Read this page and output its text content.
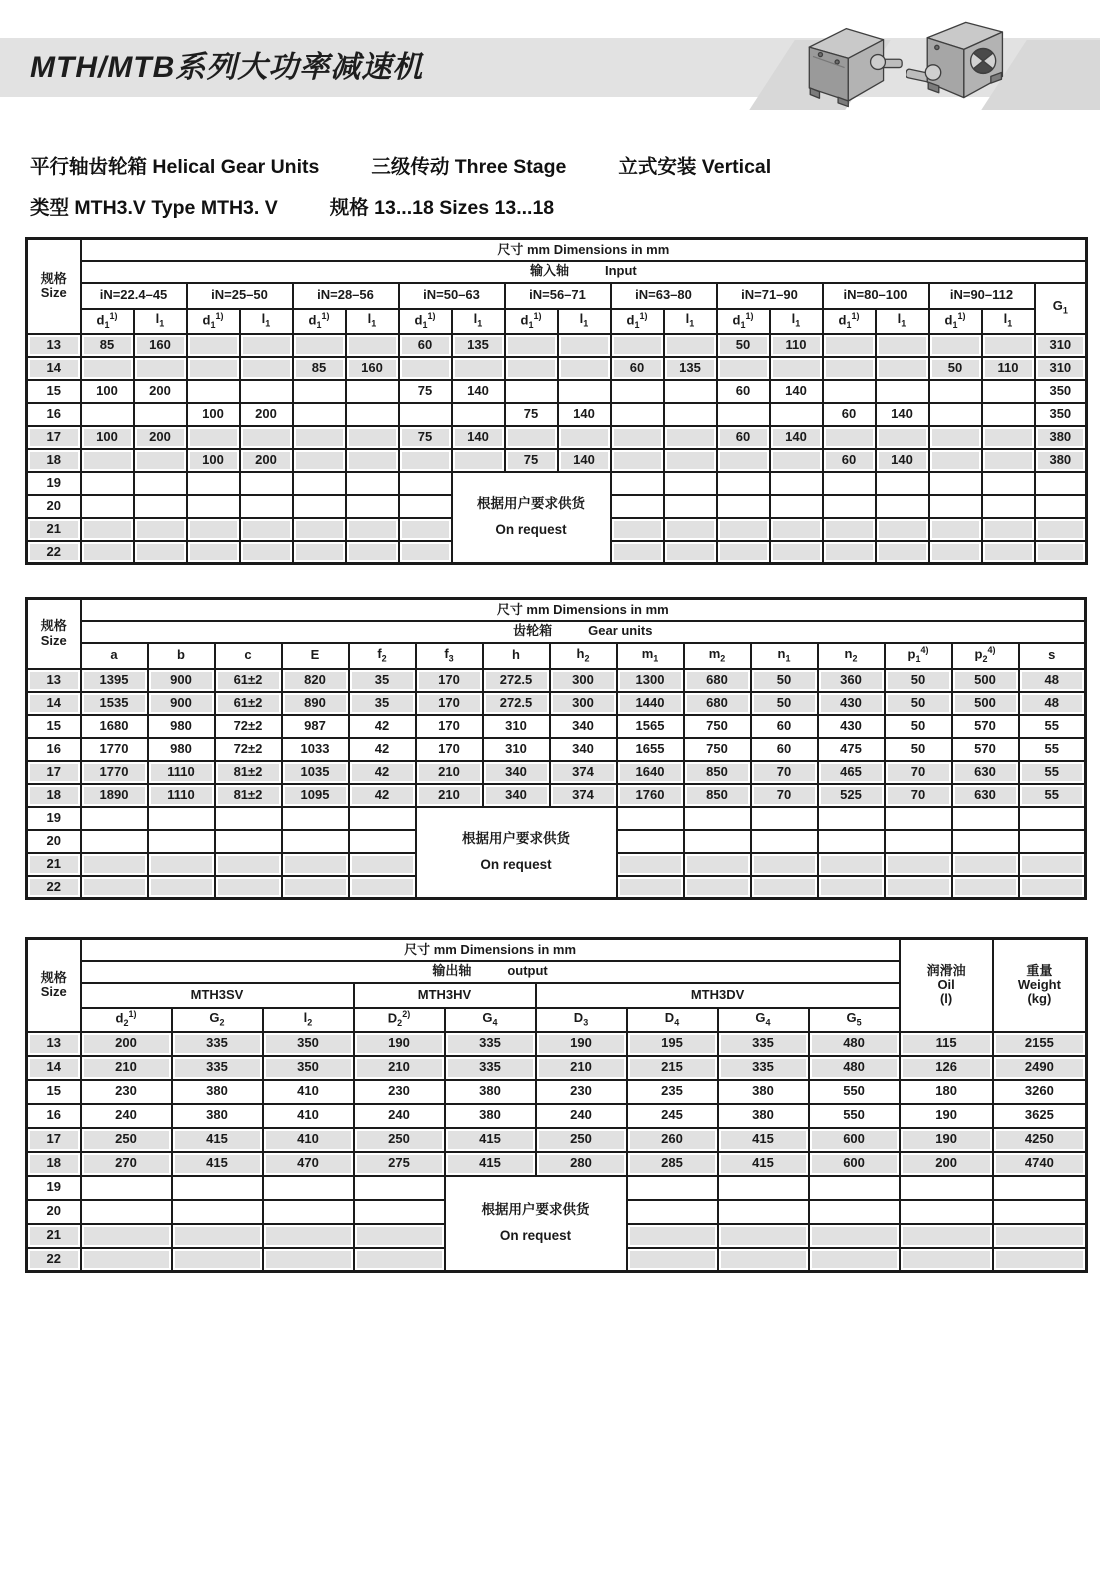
MTH/MTB系列大功率减速机
平行轴齿轮箱 Helical Gear Units	三级传动 Three Stage	立式安装 Vertical
类型 MTH3.V Type MTH3. V	规格 13...18 Sizes 13...18
规格
Size	尺寸 mm Dimensions in mm																		
	输入轴 Input																		
	iN=22.4–45		iN=25–50		iN=28–56		iN=50–63		iN=56–71		iN=63–80		iN=71–90		iN=80–100		iN=90–112		$G_1$
	$d_1^{1)}$	$l_1$	$d_1^{1)}$	$l_1$	$d_1^{1)}$	$l_1$	$d_1^{1)}$	$l_1$	$d_1^{1)}$	$l_1$	$d_1^{1)}$	$l_1$	$d_1^{1)}$	$l_1$	$d_1^{1)}$	$l_1$	$d_1^{1)}$	$l_1$
13	85	160					60	135					50	110					310
14					85	160					60	135					50	110	310
15	100	200					75	140					60	140					350
16			100	200					75	140					60	140			350
17	100	200					75	140					60	140					380
18			100	200					75	140					60	140			380
19								根据用户要求供货
On request											

20																			
21																			
22																			
规格
Size	尺寸 mm Dimensions in mm														
	齿轮箱 Gear units														
	a	b	c	E	$f_2$	$f_3$	h	$h_2$	$m_1$	$m_2$	$n_1$	$n_2$	$p_1^{4)}$	$p_2^{4)}$	s
13	1395	900	61±2	820	35	170	272.5	300	1300	680	50	360	50	500	48
14	1535	900	61±2	890	35	170	272.5	300	1440	680	50	430	50	500	48
15	1680	980	72±2	987	42	170	310	340	1565	750	60	430	50	570	55
16	1770	980	72±2	1033	42	170	310	340	1655	750	60	475	50	570	55
17	1770	1110	81±2	1035	42	210	340	374	1640	850	70	465	70	630	55
18	1890	1110	81±2	1095	42	210	340	374	1760	850	70	525	70	630	55
19						根据用户要求供货
On request									

20															
21															
22															
规格
Size	尺寸 mm Dimensions in mm									润滑油
Oil
(l)	重量
Weight
(kg)
	输出轴 output										
	MTH3SV			MTH3HV		MTH3DV					
	$d_2^{1)}$	$G_2$	$l_2$	$D_2^{2)}$	$G_4$	$D_3$	$D_4$	$G_4$	$G_5$
13	200	335	350	190	335	190	195	335	480	115	2155
14	210	335	350	210	335	210	215	335	480	126	2490
15	230	380	410	230	380	230	235	380	550	180	3260
16	240	380	410	240	380	240	245	380	550	190	3625
17	250	415	410	250	415	250	260	415	600	190	4250
18	270	415	470	275	415	280	285	415	600	200	4740
19					根据用户要求供货
On request						

20											
21											
22											
